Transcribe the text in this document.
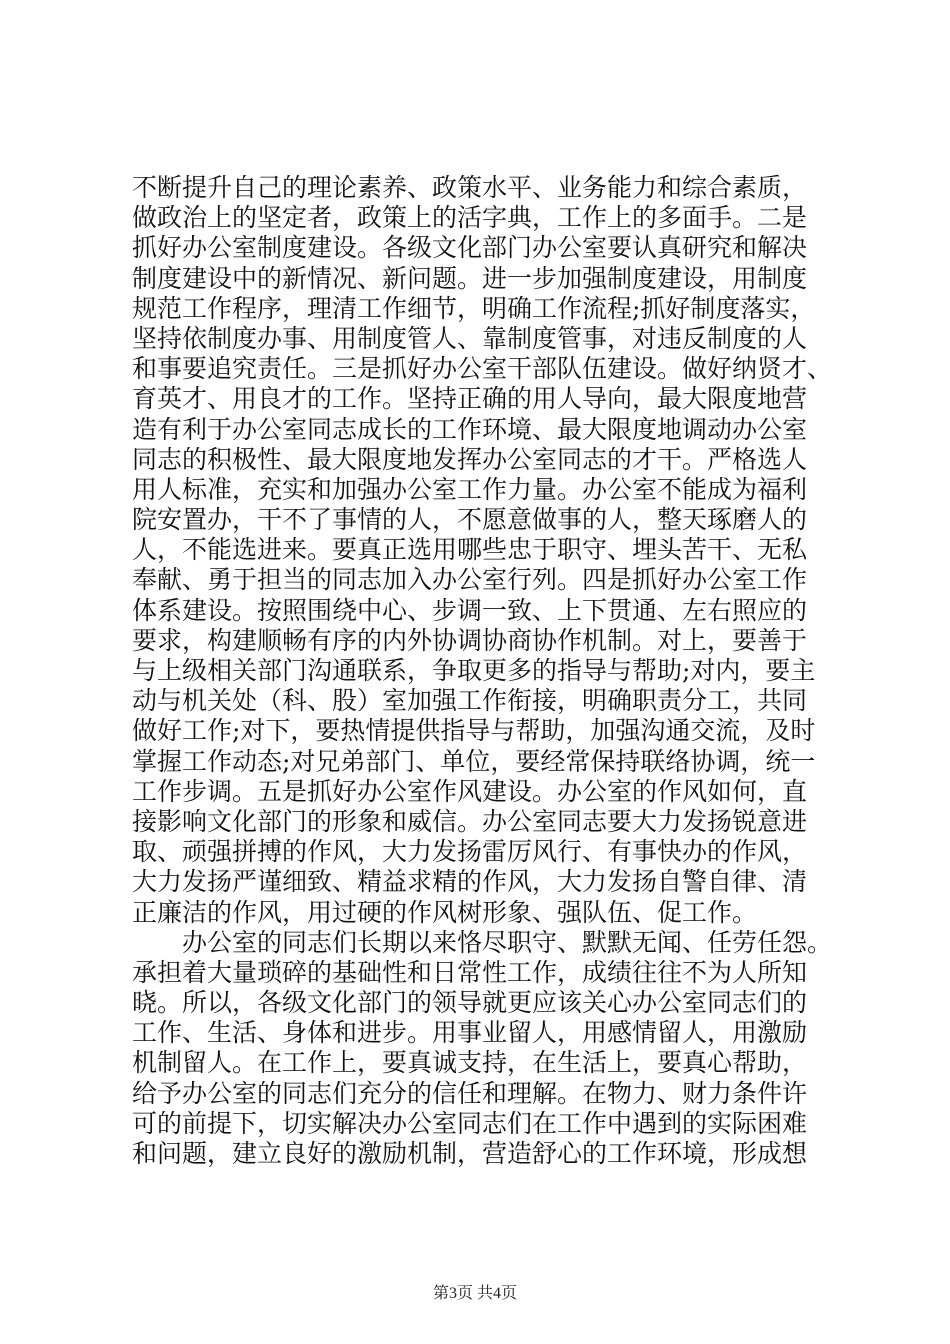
不断提升自己的理论素养、政策水平、业务能力和综合素质，
做政治上的坚定者，政策上的活字典，工作上的多面手。二是
抓好办公室制度建设。各级文化部门办公室要认真研究和解决
制度建设中的新情况、新问题。进一步加强制度建设，用制度
规范工作程序，理清工作细节，明确工作流程;抓好制度落实，
坚持依制度办事、用制度管人、靠制度管事，对违反制度的人
和事要追究责任。三是抓好办公室干部队伍建设。做好纳贤才、
育英才、用良才的工作。坚持正确的用人导向，最大限度地营
造有利于办公室同志成长的工作环境、最大限度地调动办公室
同志的积极性、最大限度地发挥办公室同志的才干。严格选人
用人标准，充实和加强办公室工作力量。办公室不能成为福利
院安置办，干不了事情的人，不愿意做事的人，整天琢磨人的
人，不能选进来。要真正选用哪些忠于职守、埋头苦干、无私
奉献、勇于担当的同志加入办公室行列。四是抓好办公室工作
体系建设。按照围绕中心、步调一致、上下贯通、左右照应的
要求，构建顺畅有序的内外协调协商协作机制。对上，要善于
与上级相关部门沟通联系，争取更多的指导与帮助;对内，要主
动与机关处（科、股）室加强工作衔接，明确职责分工，共同
做好工作;对下，要热情提供指导与帮助，加强沟通交流，及时
掌握工作动态;对兄弟部门、单位，要经常保持联络协调，统一
工作步调。五是抓好办公室作风建设。办公室的作风如何，直
接影响文化部门的形象和威信。办公室同志要大力发扬锐意进
取、顽强拼搏的作风，大力发扬雷厉风行、有事快办的作风，
大力发扬严谨细致、精益求精的作风，大力发扬自警自律、清
正廉洁的作风，用过硬的作风树形象、强队伍、促工作。
办公室的同志们长期以来恪尽职守、默默无闻、任劳任怨。
承担着大量琐碎的基础性和日常性工作，成绩往往不为人所知
晓。所以，各级文化部门的领导就更应该关心办公室同志们的
工作、生活、身体和进步。用事业留人，用感情留人，用激励
机制留人。在工作上，要真诚支持，在生活上，要真心帮助，
给予办公室的同志们充分的信任和理解。在物力、财力条件许
可的前提下，切实解决办公室同志们在工作中遇到的实际困难
和问题，建立良好的激励机制，营造舒心的工作环境，形成想
第3页 共4页
